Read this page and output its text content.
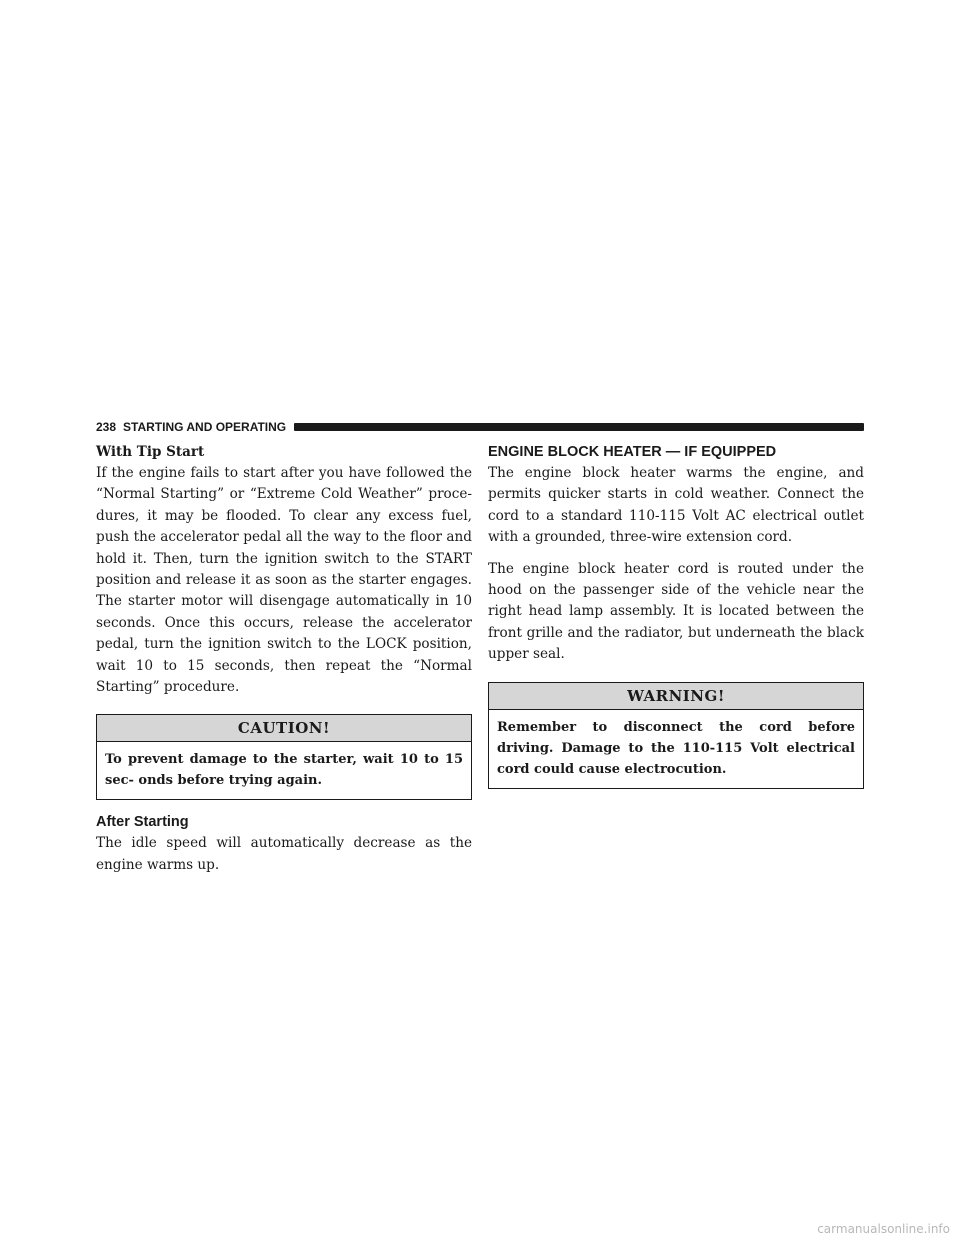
238 STARTING AND OPERATING

With Tip Start

If the engine fails to start after you have followed the “Normal Starting” or “Extreme Cold Weather” proce- dures, it may be flooded. To clear any excess fuel, push the accelerator pedal all the way to the floor and hold it. Then, turn the ignition switch to the START position and release it as soon as the starter engages. The starter motor will disengage automatically in 10 seconds. Once this occurs, release the accelerator pedal, turn the ignition switch to the LOCK position, wait 10 to 15 seconds, then repeat the “Normal Starting” procedure.

CAUTION!
To prevent damage to the starter, wait 10 to 15 sec- onds before trying again.

After Starting

The idle speed will automatically decrease as the engine warms up.

ENGINE BLOCK HEATER — IF EQUIPPED

The engine block heater warms the engine, and permits quicker starts in cold weather. Connect the cord to a standard 110-115 Volt AC electrical outlet with a grounded, three-wire extension cord.

The engine block heater cord is routed under the hood on the passenger side of the vehicle near the right head lamp assembly. It is located between the front grille and the radiator, but underneath the black upper seal.

WARNING!
Remember to disconnect the cord before driving. Damage to the 110-115 Volt electrical cord could cause electrocution.
carmanualsonline.info
